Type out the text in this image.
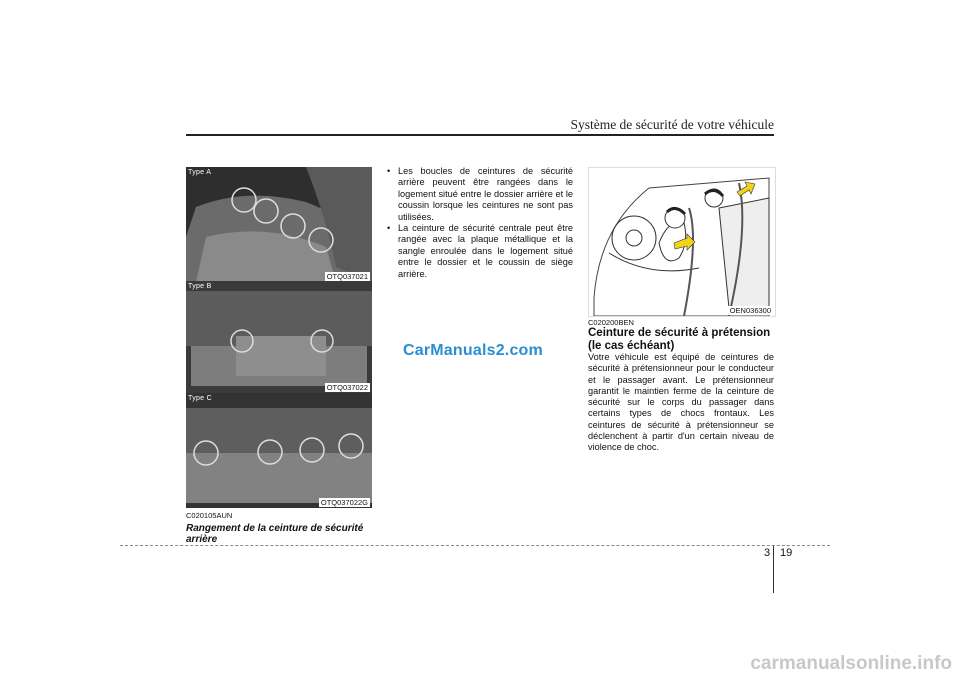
Système de sécurité de votre véhicule
Type A
OTQ037021
Type B
OTQ037022
Type C
OTQ037022G
C020105AUN
Rangement de la ceinture de sécurité arrière
• Les boucles de ceintures de sécurité arrière peuvent être rangées dans le logement situé entre le dossier arrière et le coussin lorsque les ceintures ne sont pas utilisées.
• La ceinture de sécurité centrale peut être rangée avec la plaque métallique et la sangle enroulée dans le logement situé entre le dossier et le coussin de siège arrière.
CarManuals2.com
OEN036300
C020200BEN
Ceinture de sécurité à prétension (le cas échéant)
Votre véhicule est équipé de ceintures de sécurité à prétensionneur pour le conducteur et le passager avant. Le prétensionneur garantit le maintien ferme de la ceinture de sécurité sur le corps du passager dans certains types de chocs frontaux. Les ceintures de sécurité à prétensionneur se déclenchent à partir d'un certain niveau de violence de choc.
3 19
carmanualsonline.info
